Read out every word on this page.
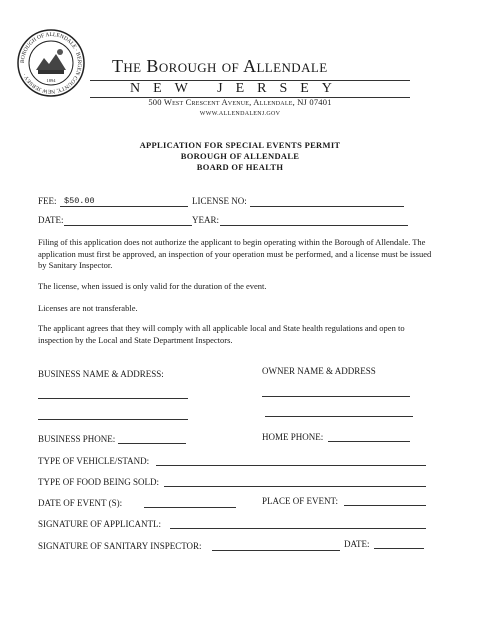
BOROUGH OF ALLENDALE · BERGEN COUNTY, NEW JERSEY ·
1894
The Borough of Allendale
NEW JERSEY
500 West Crescent Avenue, Allendale, NJ 07401
WWW.ALLENDALENJ.GOV
APPLICATION FOR SPECIAL EVENTS PERMIT
BOROUGH OF ALLENDALE
BOARD OF HEALTH
FEE: $50.00	LICENSE NO:
DATE:	YEAR:
Filing of this application does not authorize the applicant to begin operating within the Borough of Allendale. The application must first be approved, an inspection of your operation must be performed, and a license must be issued by Sanitary Inspector.
The license, when issued is only valid for the duration of the event.
Licenses are not transferable.
The applicant agrees that they will comply with all applicable local and State health regulations and open to inspection by the Local and State Department Inspectors.
BUSINESS NAME & ADDRESS:	OWNER NAME & ADDRESS
BUSINESS PHONE:	HOME PHONE:
TYPE OF VEHICLE/STAND:
TYPE OF FOOD BEING SOLD:
DATE OF EVENT (S):	PLACE OF EVENT:
SIGNATURE OF APPLICANTL:
SIGNATURE OF SANITARY INSPECTOR:	DATE:
